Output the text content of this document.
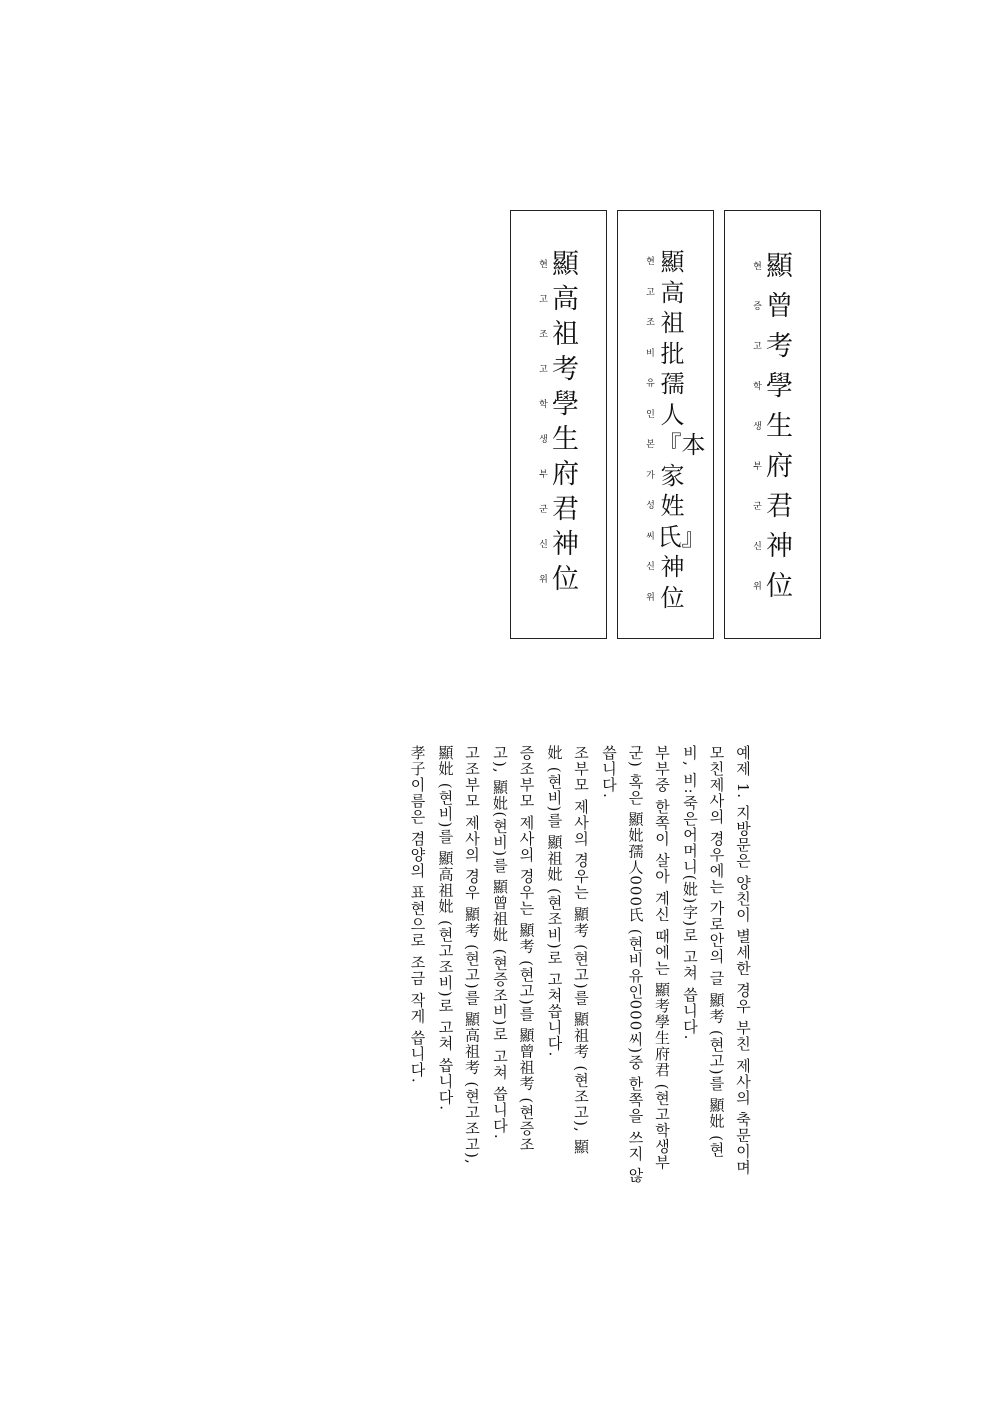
현 顯
증 曾
고 考
학 學
생 生
부 府
군 君
신 神
위 位
현 顯
고 高
조 祖
비 批
유 孺
인 人
본 『本
가 家
성 姓
씨 氏』
신 神
위 位
현 顯
고 高
조 祖
고 考
학 學
생 生
부 府
군 君
신 神
위 位
예제 1. 지방문은 양친이 별세한 경우 부친 제사의 축문이며
모친제사의 경우에는 가로안의 글 顯考 (현고)를 顯妣 (현
비, 비:죽은어머니(妣)字)로 고쳐 씁니다.
부부중 한쪽이 살아 계신 때에는 顯考學生府君 (현고학생부
군) 혹은 顯妣孺人000氏 (현비유인000씨)중 한쪽을 쓰지 않
씁니다.
조부모 제사의 경우는 顯考 (현고)를 顯祖考 (현조고), 顯
妣 (현비)를 顯祖妣 (현조비)로 고쳐씁니다.
증조부모 제사의 경우는 顯考 (현고)를 顯曾祖考 (현증조
고), 顯妣(현비)를 顯曾祖妣 (현증조비)로 고쳐 씁니다.
고조부모 제사의 경우 顯考 (현고)를 顯高祖考 (현고조고),
顯妣 (현비)를 顯高祖妣 (현고조비)로 고쳐 씁니다.
孝子이름은 겸양의 표현으로 조금 작게 씁니다.
